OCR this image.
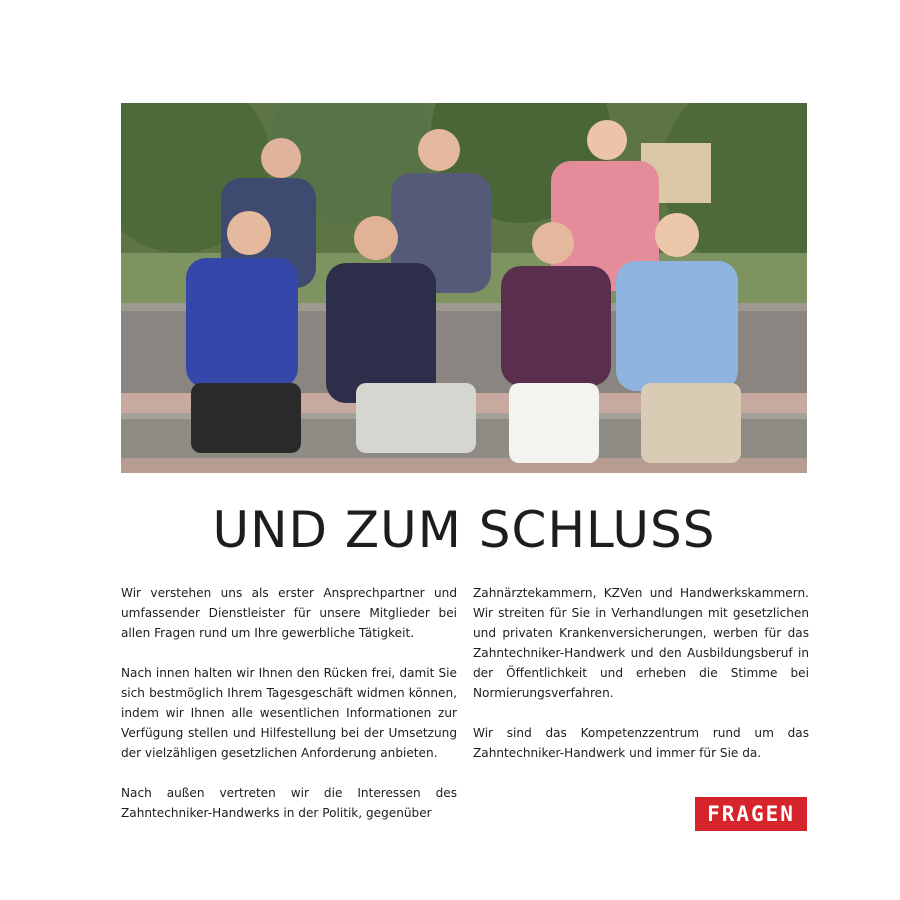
UND ZUM SCHLUSS

Wir verstehen uns als erster Ansprechpartner und umfassender Dienstleister für unsere Mitglieder bei allen Fragen rund um Ihre gewerbliche Tätigkeit.

Nach innen halten wir Ihnen den Rücken frei, damit Sie sich bestmöglich Ihrem Tagesgeschäft widmen können, indem wir Ihnen alle wesentlichen Informationen zur Verfügung stellen und Hilfestellung bei der Umsetzung der vielzähligen gesetzlichen Anforderung anbieten.

Nach außen vertreten wir die Interessen des Zahntechniker-Handwerks in der Politik, gegenüber

Zahnärztekammern, KZVen und Handwerkskammern. Wir streiten für Sie in Verhandlungen mit gesetzlichen und privaten Krankenversicherungen, werben für das Zahntechniker-Handwerk und den Ausbildungsberuf in der Öffentlichkeit und erheben die Stimme bei Normierungsverfahren.

Wir sind das Kompetenzzentrum rund um das Zahntechniker-Handwerk und immer für Sie da.

FRAGEN
